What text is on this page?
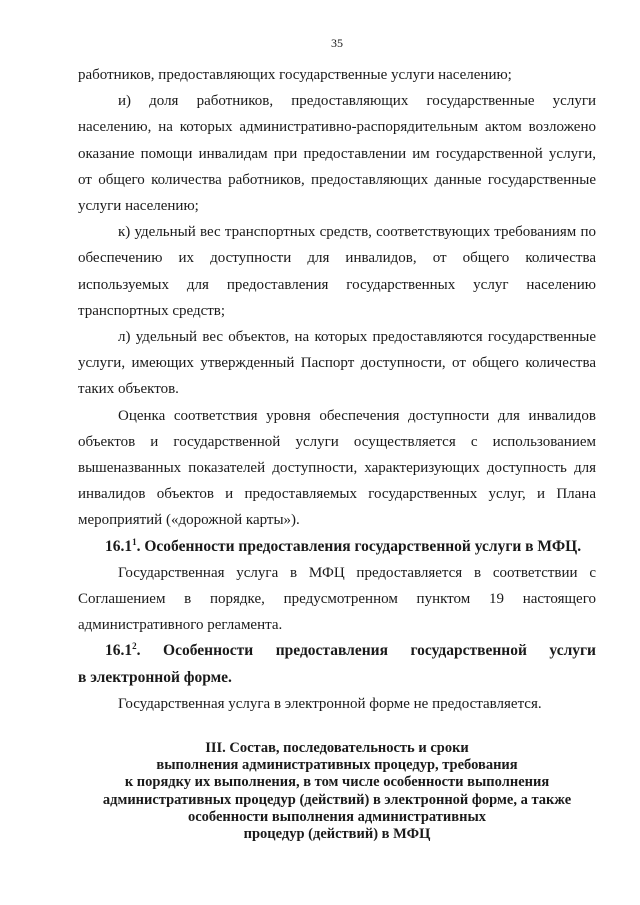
35

работников, предоставляющих государственные услуги населению;

и) доля работников, предоставляющих государственные услуги населению, на которых административно-распорядительным актом возложено оказание помощи инвалидам при предоставлении им государственной услуги, от общего количества работников, предоставляющих данные государственные услуги населению;

к) удельный вес транспортных средств, соответствующих требованиям по обеспечению их доступности для инвалидов, от общего количества используемых для предоставления государственных услуг населению транспортных средств;

л) удельный вес объектов, на которых предоставляются государственные услуги, имеющих утвержденный Паспорт доступности, от общего количества таких объектов.

Оценка соответствия уровня обеспечения доступности для инвалидов объектов и государственной услуги осуществляется с использованием вышеназванных показателей доступности, характеризующих доступность для инвалидов объектов и предоставляемых государственных услуг, и Плана мероприятий («дорожной карты»).

16.1$^1$. Особенности предоставления государственной услуги в МФЦ.

Государственная услуга в МФЦ предоставляется в соответствии с Соглашением в порядке, предусмотренном пунктом 19 настоящего административного регламента.

16.1$^2$. Особенности предоставления государственной услуги

в электронной форме.

Государственная услуга в электронной форме не предоставляется.

III. Состав, последовательность и сроки
выполнения административных процедур, требования
к порядку их выполнения, в том числе особенности выполнения
административных процедур (действий) в электронной форме, а также
особенности выполнения административных
процедур (действий) в МФЦ
